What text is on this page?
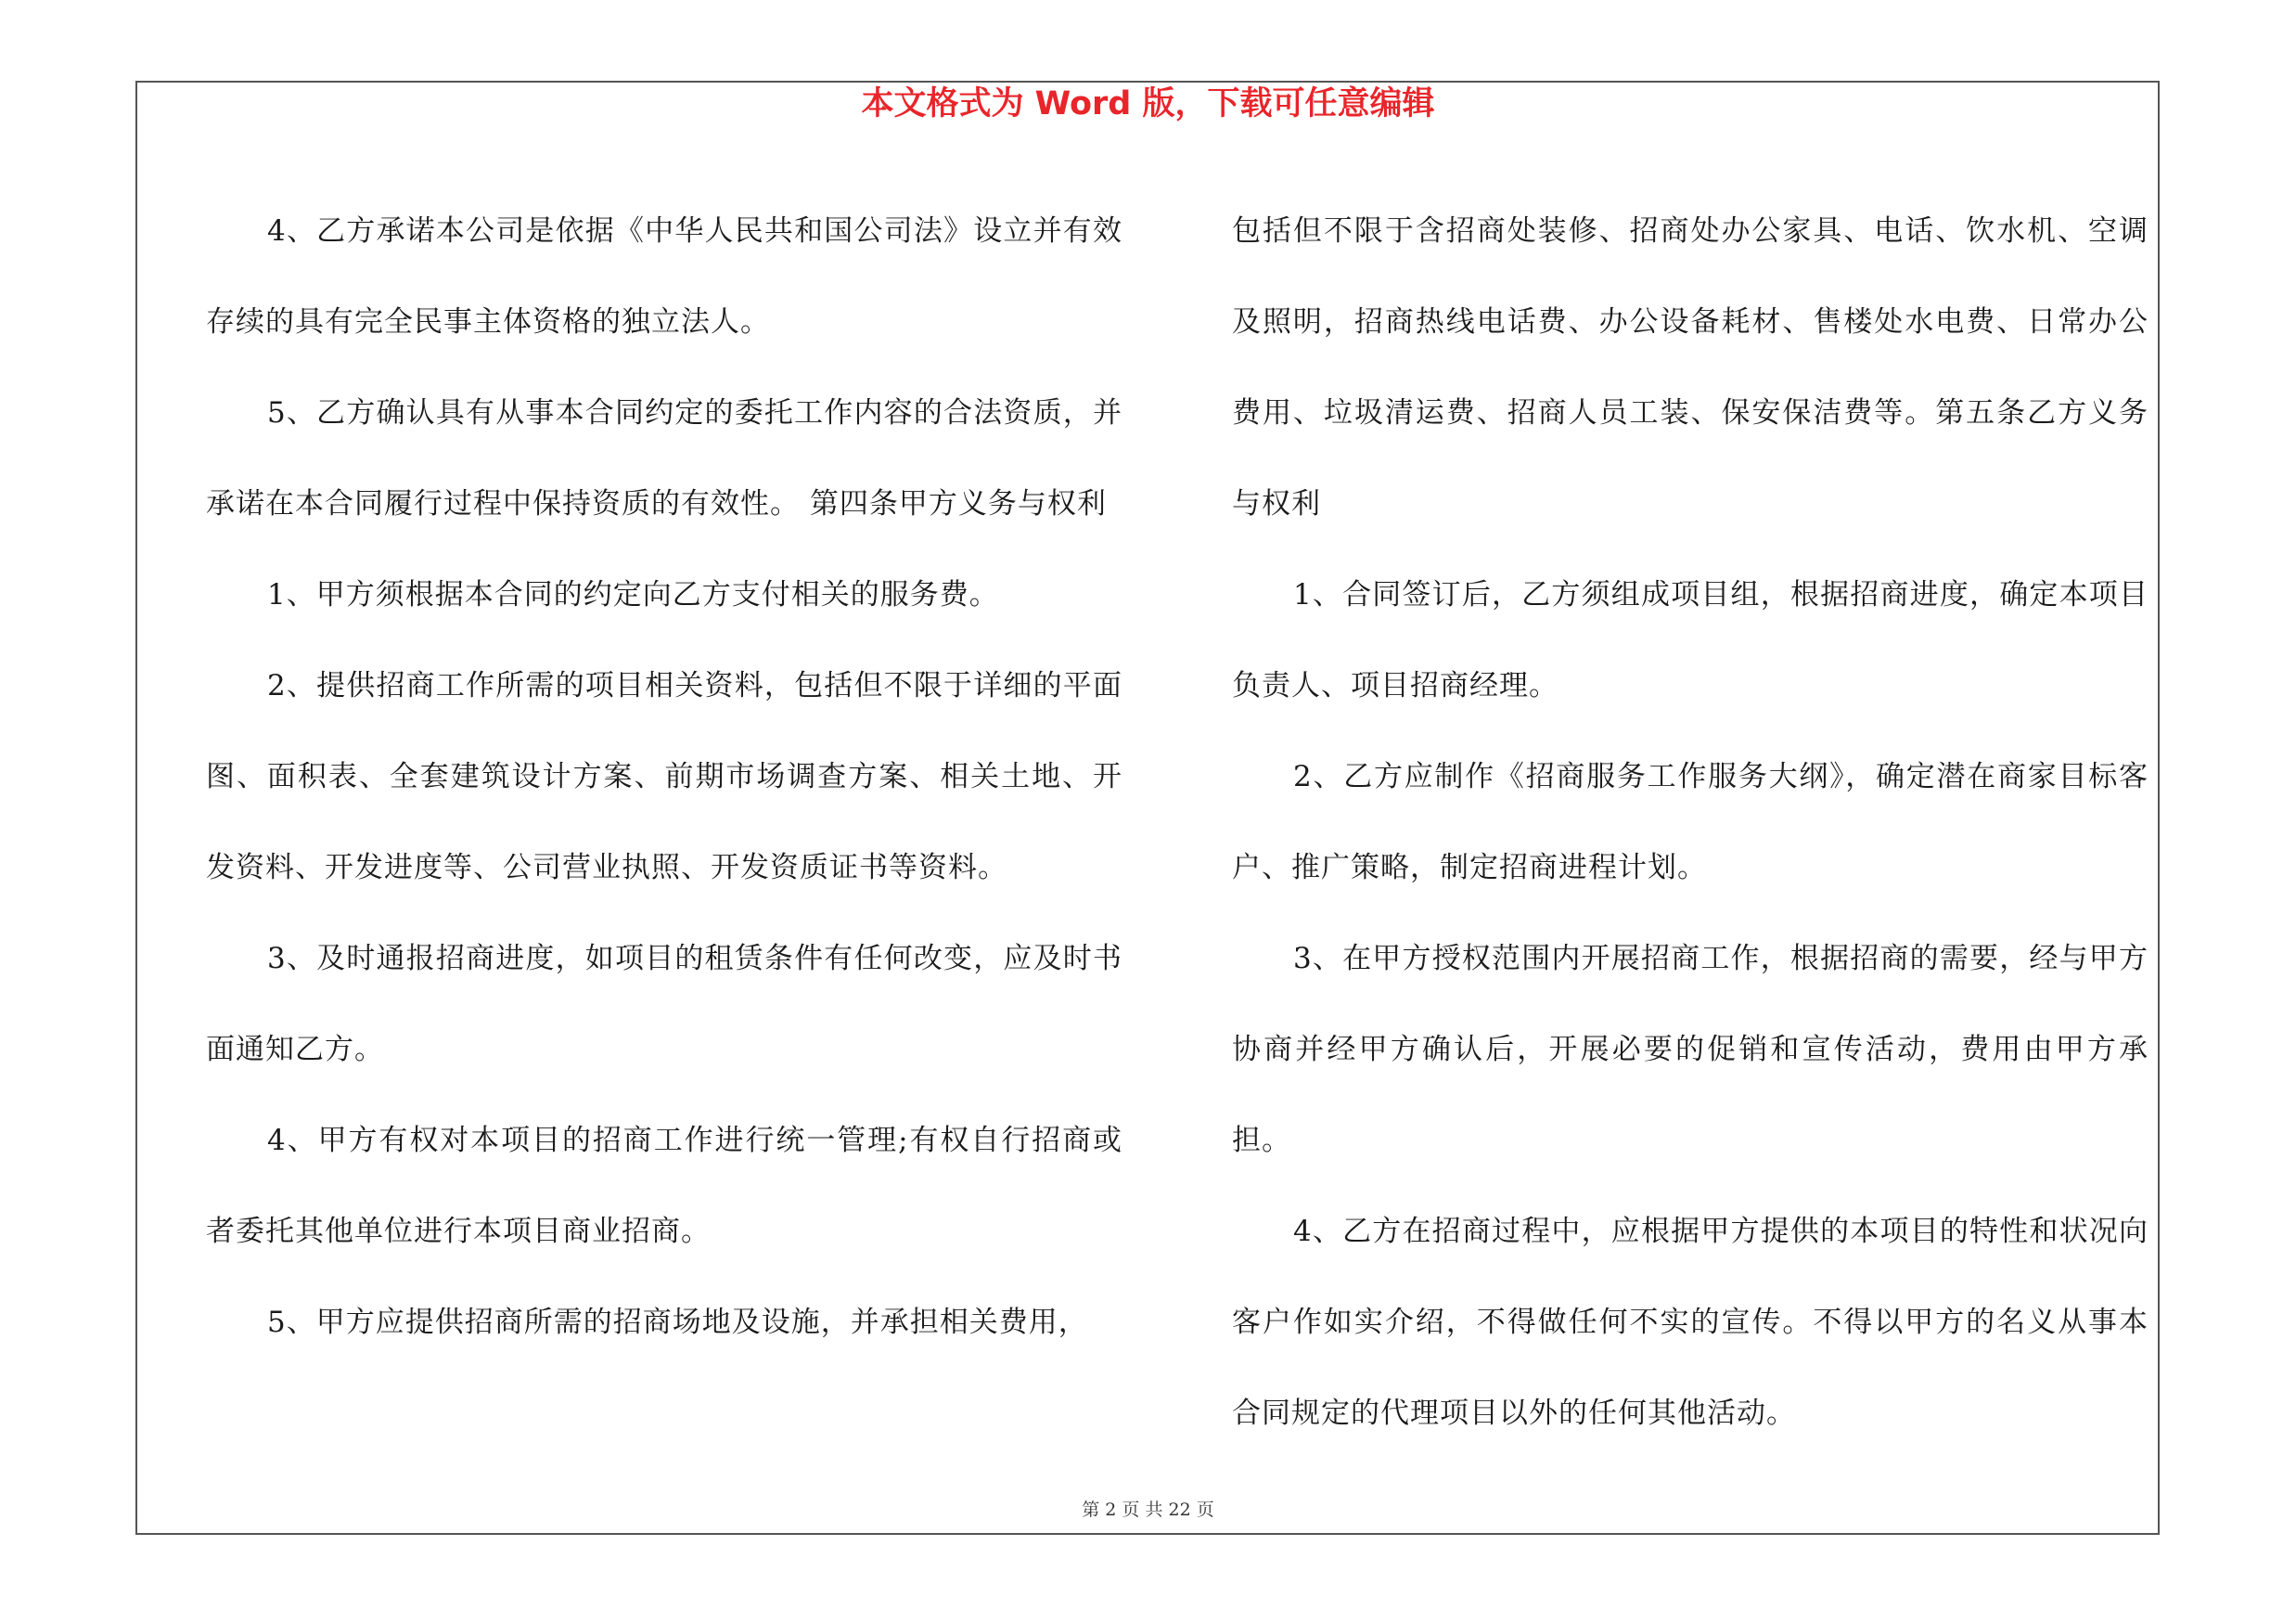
本文格式为 Word 版，下载可任意编辑

4、乙方承诺本公司是依据《中华人民共和国公司法》设立并有效存续的具有完全民事主体资格的独立法人。

5、乙方确认具有从事本合同约定的委托工作内容的合法资质，并承诺在本合同履行过程中保持资质的有效性。 第四条甲方义务与权利

1、甲方须根据本合同的约定向乙方支付相关的服务费。

2、提供招商工作所需的项目相关资料，包括但不限于详细的平面图、面积表、全套建筑设计方案、前期市场调查方案、相关土地、开发资料、开发进度等、公司营业执照、开发资质证书等资料。

3、及时通报招商进度，如项目的租赁条件有任何改变，应及时书面通知乙方。

4、甲方有权对本项目的招商工作进行统一管理;有权自行招商或者委托其他单位进行本项目商业招商。

5、甲方应提供招商所需的招商场地及设施，并承担相关费用，

包括但不限于含招商处装修、招商处办公家具、电话、饮水机、空调及照明，招商热线电话费、办公设备耗材、售楼处水电费、日常办公费用、垃圾清运费、招商人员工装、保安保洁费等。第五条乙方义务与权利

1、合同签订后，乙方须组成项目组，根据招商进度，确定本项目负责人、项目招商经理。

2、乙方应制作《招商服务工作服务大纲》，确定潜在商家目标客户、推广策略，制定招商进程计划。

3、在甲方授权范围内开展招商工作，根据招商的需要，经与甲方协商并经甲方确认后，开展必要的促销和宣传活动，费用由甲方承担。

4、乙方在招商过程中，应根据甲方提供的本项目的特性和状况向客户作如实介绍，不得做任何不实的宣传。不得以甲方的名义从事本合同规定的代理项目以外的任何其他活动。

第 2 页 共 22 页
